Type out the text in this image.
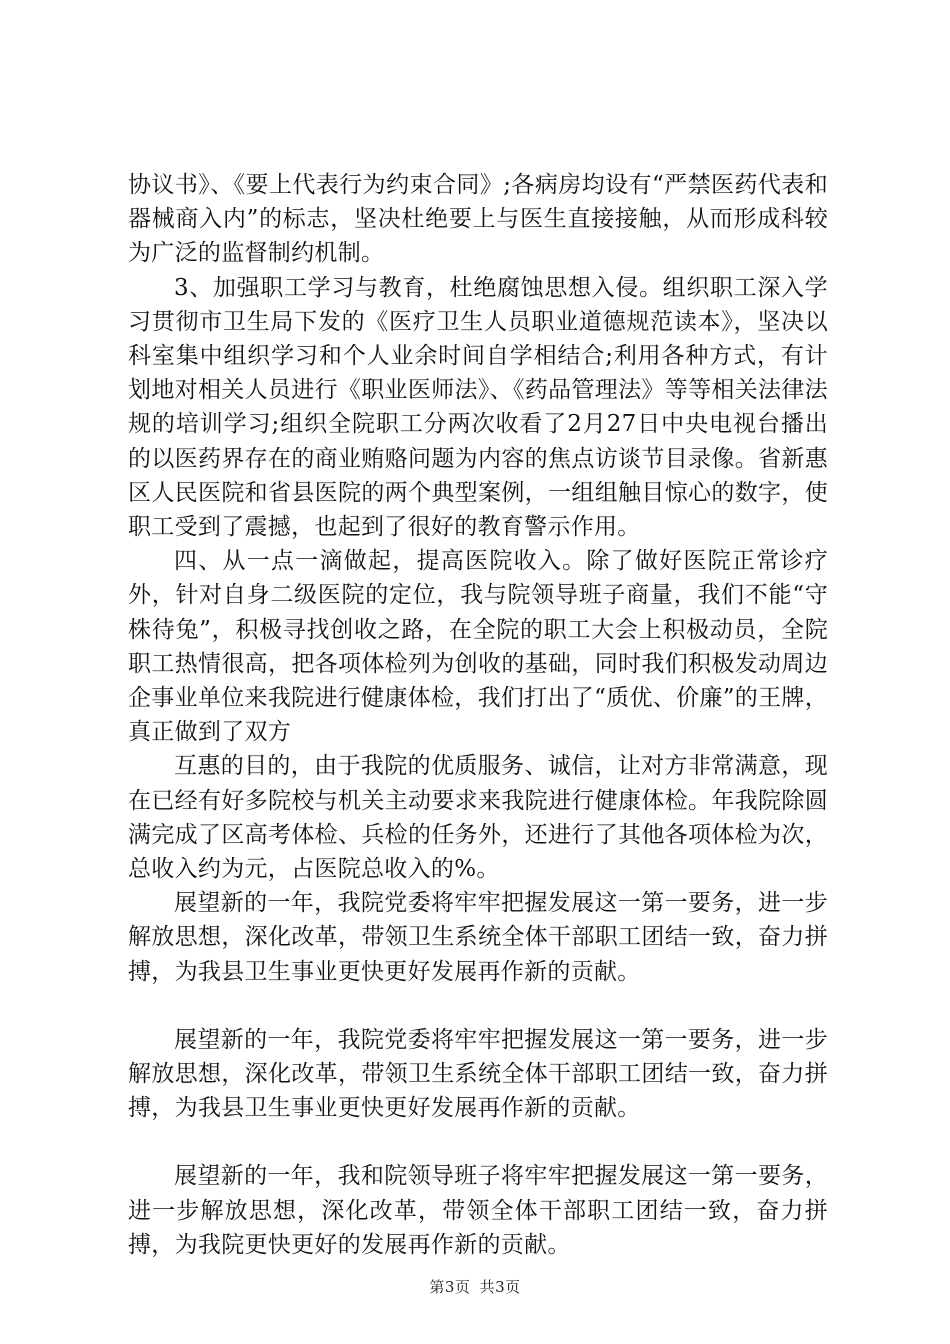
协议书》、《要上代表行为约束合同》;各病房均设有“严禁医药代表和器械商入内”的标志，坚决杜绝要上与医生直接接触，从而形成科较为广泛的监督制约机制。

3、加强职工学习与教育，杜绝腐蚀思想入侵。组织职工深入学习贯彻市卫生局下发的《医疗卫生人员职业道德规范读本》，坚决以科室集中组织学习和个人业余时间自学相结合;利用各种方式，有计划地对相关人员进行《职业医师法》、《药品管理法》等等相关法律法规的培训学习;组织全院职工分两次收看了2月27日中央电视台播出的以医药界存在的商业贿赂问题为内容的焦点访谈节目录像。省新惠区人民医院和省县医院的两个典型案例，一组组触目惊心的数字，使职工受到了震撼，也起到了很好的教育警示作用。

四、从一点一滴做起，提高医院收入。除了做好医院正常诊疗外，针对自身二级医院的定位，我与院领导班子商量，我们不能“守株待兔”，积极寻找创收之路，在全院的职工大会上积极动员，全院职工热情很高，把各项体检列为创收的基础，同时我们积极发动周边企事业单位来我院进行健康体检，我们打出了“质优、价廉”的王牌，真正做到了双方

互惠的目的，由于我院的优质服务、诚信，让对方非常满意，现在已经有好多院校与机关主动要求来我院进行健康体检。年我院除圆满完成了区高考体检、兵检的任务外，还进行了其他各项体检为次，总收入约为元，占医院总收入的%。

展望新的一年，我院党委将牢牢把握发展这一第一要务，进一步解放思想，深化改革，带领卫生系统全体干部职工团结一致，奋力拼搏，为我县卫生事业更快更好发展再作新的贡献。

展望新的一年，我院党委将牢牢把握发展这一第一要务，进一步解放思想，深化改革，带领卫生系统全体干部职工团结一致，奋力拼搏，为我县卫生事业更快更好发展再作新的贡献。

展望新的一年，我和院领导班子将牢牢把握发展这一第一要务，进一步解放思想，深化改革，带领全体干部职工团结一致，奋力拼搏，为我院更快更好的发展再作新的贡献。

第3页 共3页
